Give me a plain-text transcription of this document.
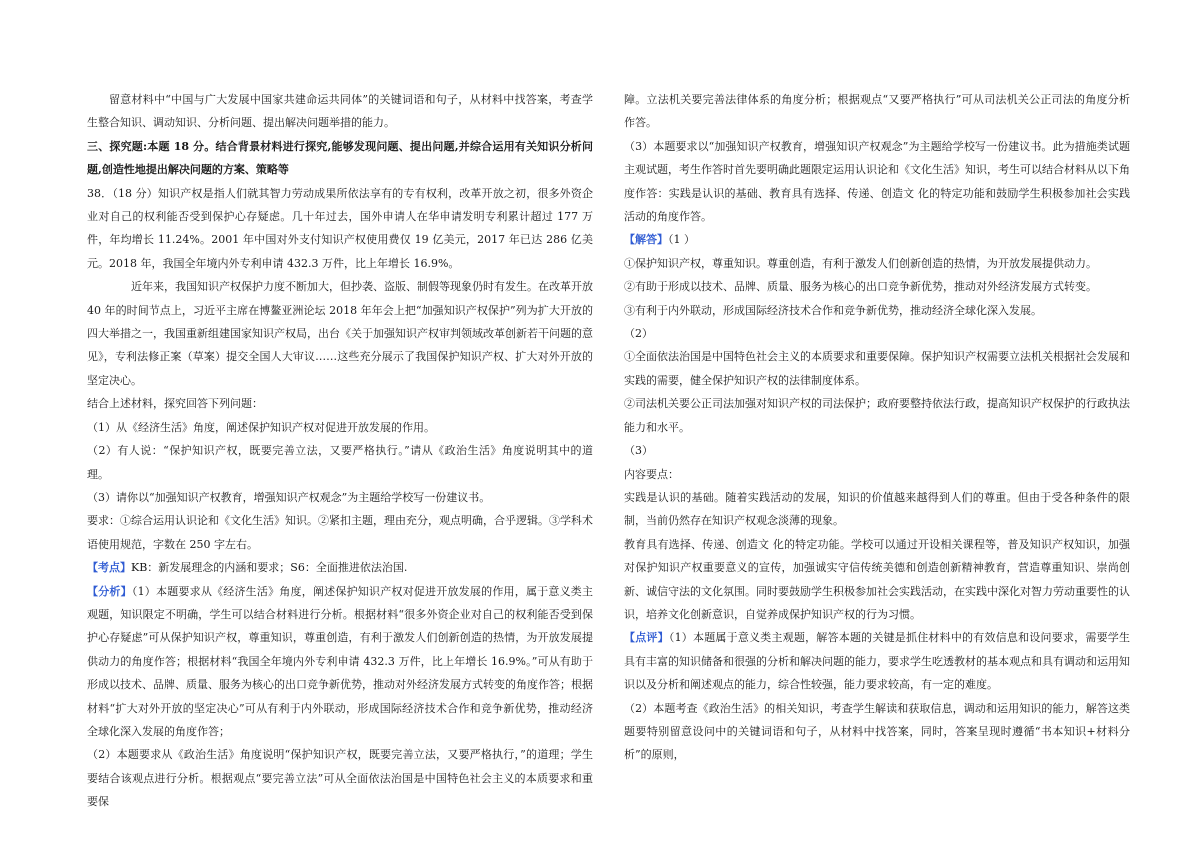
留意材料中“中国与广大发展中国家共建命运共同体”的关键词语和句子，从材料中找答案，考查学生整合知识、调动知识、分析问题、提出解决问题举措的能力。

三、探究题:本题 18 分。结合背景材料进行探究,能够发现问题、提出问题,并综合运用有关知识分析问题,创造性地提出解决问题的方案、策略等

38．（18 分）知识产权是指人们就其智力劳动成果所依法享有的专有权利，改革开放之初，很多外资企业对自己的权利能否受到保护心存疑虑。几十年过去，国外申请人在华申请发明专利累计超过 177 万件，年均增长 11.24%。2001 年中国对外支付知识产权使用费仅 19 亿美元，2017 年已达 286 亿美元。2018 年，我国全年境内外专利申请 432.3 万件，比上年增长 16.9%。

近年来，我国知识产权保护力度不断加大，但抄袭、盗版、制假等现象仍时有发生。在改革开放 40 年的时间节点上，习近平主席在博鳌亚洲论坛 2018 年年会上把“加强知识产权保护”列为扩大开放的四大举措之一，我国重新组建国家知识产权局，出台《关于加强知识产权审判领域改革创新若干问题的意见》，专利法修正案（草案）提交全国人大审议……这些充分展示了我国保护知识产权、扩大对外开放的坚定决心。

结合上述材料，探究回答下列问题：

（1）从《经济生活》角度，阐述保护知识产权对促进开放发展的作用。

（2）有人说：“保护知识产权，既要完善立法，又要严格执行。”请从《政治生活》角度说明其中的道理。

（3）请你以“加强知识产权教育，增强知识产权观念”为主题给学校写一份建议书。

要求：①综合运用认识论和《文化生活》知识。②紧扣主题，理由充分，观点明确，合乎逻辑。③学科术语使用规范，字数在 250 字左右。

【考点】KB：新发展理念的内涵和要求；S6：全面推进依法治国.

【分析】（1）本题要求从《经济生活》角度，阐述保护知识产权对促进开放发展的作用，属于意义类主观题，知识限定不明确，学生可以结合材料进行分析。根据材料“很多外资企业对自己的权利能否受到保护心存疑虑”可从保护知识产权，尊重知识，尊重创造，有利于激发人们创新创造的热情，为开放发展提供动力的角度作答；根据材料“我国全年境内外专利申请 432.3 万件，比上年增长 16.9%。”可从有助于形成以技术、品牌、质量、服务为核心的出口竞争新优势，推动对外经济发展方式转变的角度作答；根据材料“扩大对外开放的坚定决心”可从有利于内外联动，形成国际经济技术合作和竞争新优势，推动经济全球化深入发展的角度作答；

（2）本题要求从《政治生活》角度说明“保护知识产权，既要完善立法，又要严格执行，”的道理；学生要结合该观点进行分析。根据观点“要完善立法”可从全面依法治国是中国特色社会主义的本质要求和重要保

障。立法机关要完善法律体系的角度分析；根据观点“又要严格执行”可从司法机关公正司法的角度分析作答。

（3）本题要求以“加强知识产权教育，增强知识产权观念”为主题给学校写一份建议书。此为措施类试题主观试题，考生作答时首先要明确此题限定运用认识论和《文化生活》知识，考生可以结合材料从以下角度作答：实践是认识的基础、教育具有选择、传递、创造文 化的特定功能和鼓励学生积极参加社会实践活动的角度作答。

【解答】（1 ）

①保护知识产权，尊重知识。尊重创造，有利于激发人们创新创造的热情，为开放发展提供动力。

②有助于形成以技术、品牌、质量、服务为核心的出口竞争新优势，推动对外经济发展方式转变。

③有利于内外联动，形成国际经济技术合作和竞争新优势，推动经济全球化深入发展。

（2）

①全面依法治国是中国特色社会主义的本质要求和重要保障。保护知识产权需要立法机关根据社会发展和实践的需要，健全保护知识产权的法律制度体系。

②司法机关要公正司法加强对知识产权的司法保护；政府要整持依法行政，提高知识产权保护的行政执法能力和水平。

（3）

内容要点：

实践是认识的基础。随着实践活动的发展，知识的价值越来越得到人们的尊重。但由于受各种条件的限制，当前仍然存在知识产权观念淡薄的现象。

教育具有选择、传递、创造文 化的特定功能。学校可以通过开设相关课程等，普及知识产权知识，加强对保护知识产权重要意义的宣传，加强诚实守信传统美德和创造创新精神教育，营造尊重知识、崇尚创新、诚信守法的文化氛围。同时要鼓励学生积极参加社会实践活动，在实践中深化对智力劳动重要性的认识，培养文化创新意识，自觉养成保护知识产权的行为习惯。

【点评】（1）本题属于意义类主观题，解答本题的关键是抓住材料中的有效信息和设问要求，需要学生具有丰富的知识储备和很强的分析和解决问题的能力，要求学生吃透教材的基本观点和具有调动和运用知识以及分析和阐述观点的能力，综合性较强，能力要求较高，有一定的难度。

（2）本题考查《政治生活》的相关知识，考查学生解读和获取信息，调动和运用知识的能力，解答这类题要特别留意设问中的关键词语和句子，从材料中找答案，同时，答案呈现时遵循“书本知识+材料分析”的原则，
